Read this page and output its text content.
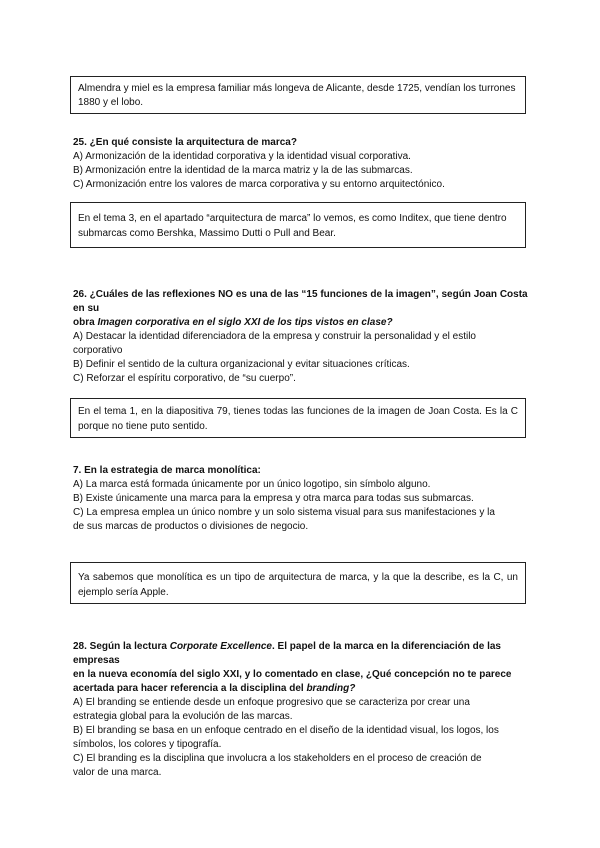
Almendra y miel es la empresa familiar más longeva de Alicante, desde 1725, vendían los turrones

1880 y el lobo.

25. ¿En qué consiste la arquitectura de marca?

A) Armonización de la identidad corporativa y la identidad visual corporativa.

B) Armonización entre la identidad de la marca matriz y la de las submarcas.

C) Armonización entre los valores de marca corporativa y su entorno arquitectónico.

En el tema 3, en el apartado “arquitectura de marca” lo vemos, es como Inditex, que tiene dentro

submarcas como Bershka, Massimo Dutti o Pull and Bear.

26. ¿Cuáles de las reflexiones NO es una de las “15 funciones de la imagen”, según Joan Costa en su

obra Imagen corporativa en el siglo XXI de los tips vistos en clase?

A) Destacar la identidad diferenciadora de la empresa y construir la personalidad y el estilo

corporativo

B) Definir el sentido de la cultura organizacional y evitar situaciones críticas.

C) Reforzar el espíritu corporativo, de “su cuerpo”.

En el tema 1, en la diapositiva 79, tienes todas las funciones de la imagen de Joan Costa. Es la C

porque no tiene puto sentido.

7. En la estrategia de marca monolítica:

A) La marca está formada únicamente por un único logotipo, sin símbolo alguno.

B) Existe únicamente una marca para la empresa y otra marca para todas sus submarcas.

C) La empresa emplea un único nombre y un solo sistema visual para sus manifestaciones y la

de sus marcas de productos o divisiones de negocio.

Ya sabemos que monolítica es un tipo de arquitectura de marca, y la que la describe, es la C, un

ejemplo sería Apple.

28. Según la lectura Corporate Excellence. El papel de la marca en la diferenciación de las empresas

en la nueva economía del siglo XXI, y lo comentado en clase, ¿Qué concepción no te parece

acertada para hacer referencia a la disciplina del branding?

A) El branding se entiende desde un enfoque progresivo que se caracteriza por crear una

estrategia global para la evolución de las marcas.

B) El branding se basa en un enfoque centrado en el diseño de la identidad visual, los logos, los

símbolos, los colores y tipografía.

C) El branding es la disciplina que involucra a los stakeholders en el proceso de creación de

valor de una marca.
